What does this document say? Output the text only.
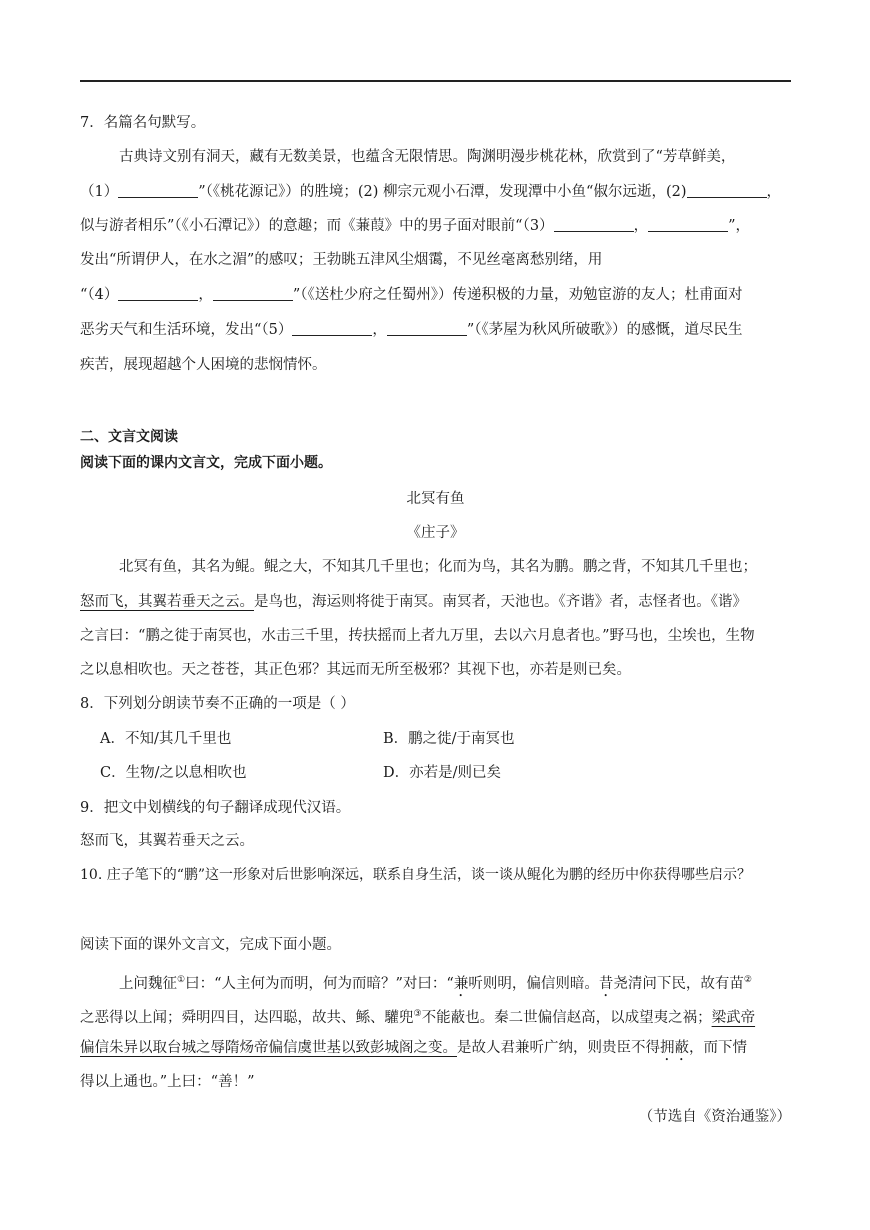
7．名篇名句默写。
古典诗文别有洞天，藏有无数美景，也蕴含无限情思。陶渊明漫步桃花林，欣赏到了“芳草鲜美，
（1）	”（《桃花源记》）的胜境；(2) 柳宗元观小石潭，发现潭中小鱼“俶尔远逝，(2)	，
似与游者相乐”（《小石潭记》）的意趣；而《蒹葭》中的男子面对眼前“（3）	，	”，
发出“所谓伊人，在水之湄”的感叹；王勃眺五津风尘烟霭，不见丝毫离愁别绪，用
“（4）	，	”（《送杜少府之任蜀州》）传递积极的力量，劝勉宦游的友人；杜甫面对
恶劣天气和生活环境，发出“（5）	，	”（《茅屋为秋风所破歌》）的感慨，道尽民生
疾苦，展现超越个人困境的悲悯情怀。
二、文言文阅读
阅读下面的课内文言文，完成下面小题。
北冥有鱼
《庄子》
北冥有鱼，其名为鲲。鲲之大，不知其几千里也；化而为鸟，其名为鹏。鹏之背，不知其几千里也；
怒而飞，其翼若垂天之云。是鸟也，海运则将徙于南冥。南冥者，天池也。《齐谐》者，志怪者也。《谐》
之言曰：“鹏之徙于南冥也，水击三千里，抟扶摇而上者九万里，去以六月息者也。”野马也，尘埃也，生物
之以息相吹也。天之苍苍，其正色邪？其远而无所至极邪？其视下也，亦若是则已矣。
8．下列划分朗读节奏不正确的一项是（ ）
A．不知/其几千里也	B．鹏之徙/于南冥也
C．生物/之以息相吹也	D．亦若是/则已矣
9．把文中划横线的句子翻译成现代汉语。
怒而飞，其翼若垂天之云。
10. 庄子笔下的“鹏”这一形象对后世影响深远，联系自身生活，谈一谈从鲲化为鹏的经历中你获得哪些启示？
阅读下面的课外文言文，完成下面小题。
上问魏征①曰：“人主何为而明，何为而暗？”对曰：“兼听则明，偏信则暗。昔尧清问下民，故有苗②
之恶得以上闻；舜明四目，达四聪，故共、鲧、驩兜③不能蔽也。秦二世偏信赵高，以成望夷之祸；梁武帝
偏信朱异以取台城之辱隋炀帝偏信虞世基以致彭城阁之变。是故人君兼听广纳，则贵臣不得拥蔽，而下情
得以上通也。”上曰：“善！”
（节选自《资治通鉴》）
